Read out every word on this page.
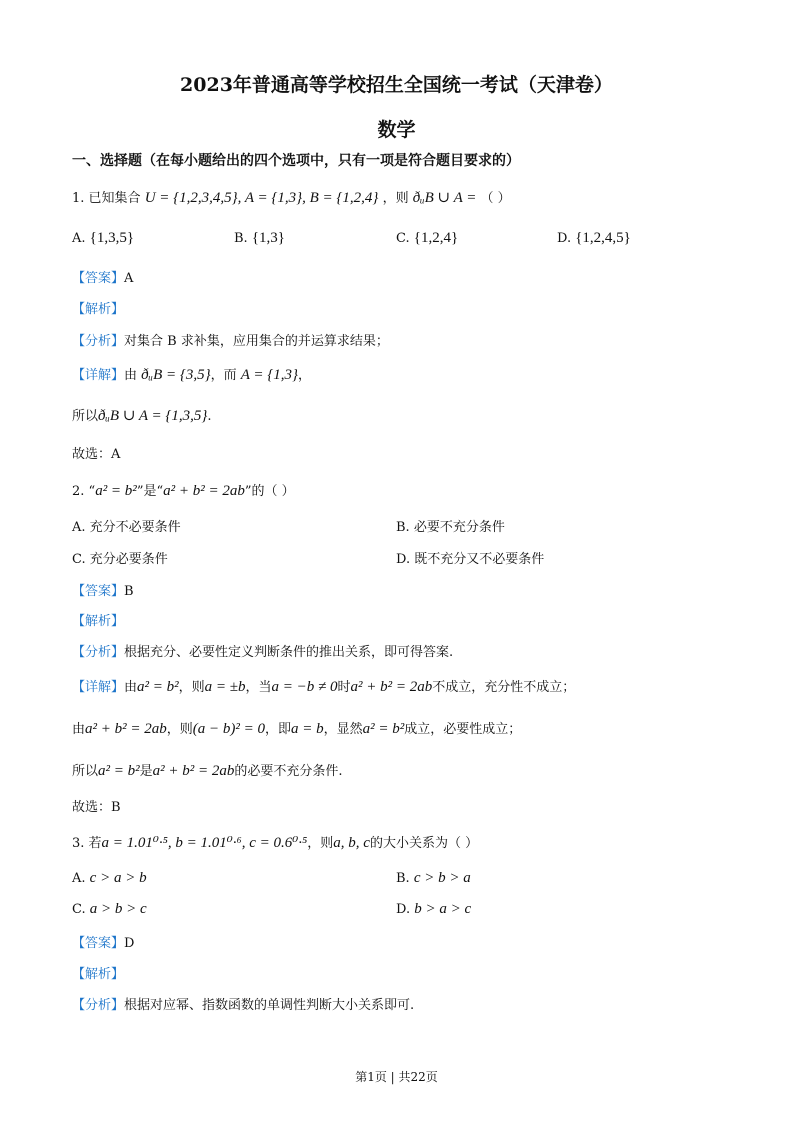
2023年普通高等学校招生全国统一考试（天津卷）
数学
一、选择题（在每小题给出的四个选项中，只有一项是符合题目要求的）
1. 已知集合 U = {1,2,3,4,5}, A = {1,3}, B = {1,2,4} ，则 ðᵤB ∪ A = （ ）
A. {1,3,5}	B. {1,3}	C. {1,2,4}	D. {1,2,4,5}
【答案】A
【解析】
【分析】对集合 B 求补集，应用集合的并运算求结果；
【详解】由 ðᵤB = {3,5}，而 A = {1,3}，
所以ðᵤB ∪ A = {1,3,5}.
故选：A
2. “a² = b²”是“a² + b² = 2ab”的（ ）
A. 充分不必要条件	B. 必要不充分条件
C. 充分必要条件	D. 既不充分又不必要条件
【答案】B
【解析】
【分析】根据充分、必要性定义判断条件的推出关系，即可得答案.
【详解】由a² = b²，则a = ±b，当a = −b ≠ 0时a² + b² = 2ab不成立，充分性不成立；
由a² + b² = 2ab，则(a − b)² = 0，即a = b，显然a² = b²成立，必要性成立；
所以a² = b²是a² + b² = 2ab的必要不充分条件.
故选：B
3. 若a = 1.01⁰·⁵, b = 1.01⁰·⁶, c = 0.6⁰·⁵，则a, b, c的大小关系为（ ）
A. c > a > b	B. c > b > a
C. a > b > c	D. b > a > c
【答案】D
【解析】
【分析】根据对应幂、指数函数的单调性判断大小关系即可.
第1页 | 共22页
